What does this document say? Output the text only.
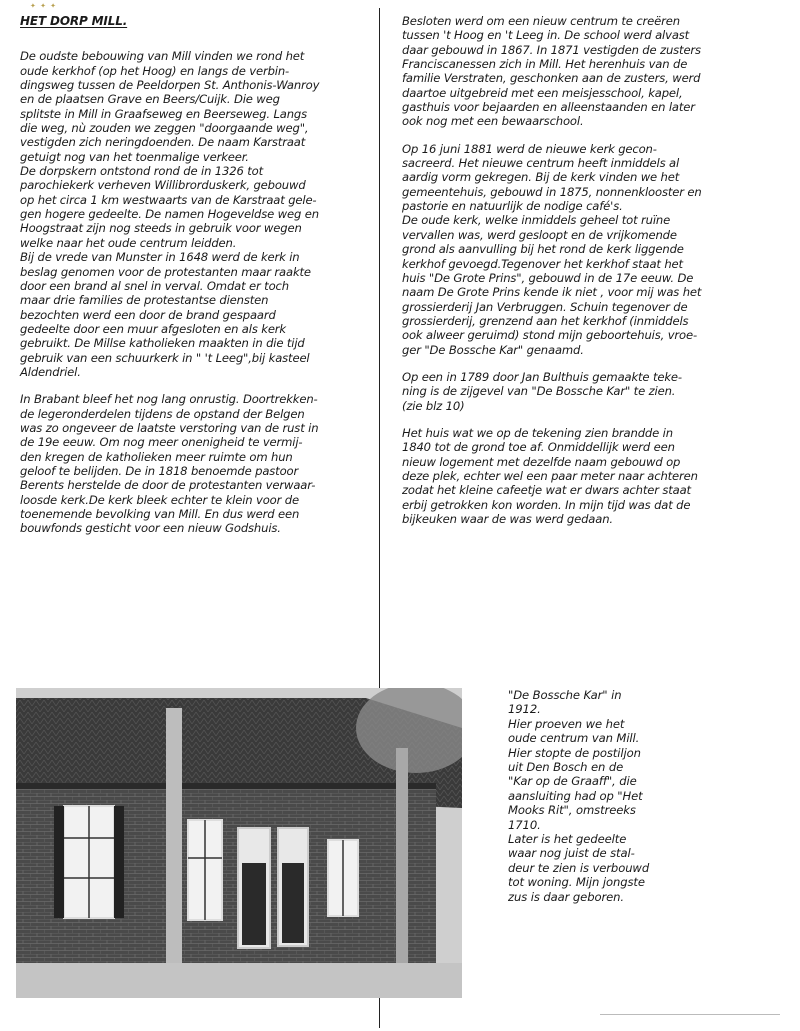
✦ ✦ ✦
HET DORP MILL.

De oudste bebouwing van Mill vinden we rond het
oude kerkhof (op het Hoog) en langs de verbin-
dingsweg tussen de Peeldorpen St. Anthonis-Wanroy
en de plaatsen Grave en Beers/Cuijk. Die weg
splitste in Mill in Graafseweg en Beerseweg. Langs
die weg, nù zouden we zeggen "doorgaande weg",
vestigden zich neringdoenden. De naam Karstraat
getuigt nog van het toenmalige verkeer.
De dorpskern ontstond rond de in 1326 tot
parochiekerk verheven Willibrorduskerk, gebouwd
op het circa 1 km westwaarts van de Karstraat gele-
gen hogere gedeelte. De namen Hogeveldse weg en
Hoogstraat zijn nog steeds in gebruik voor wegen
welke naar het oude centrum leidden.
Bij de vrede van Munster in 1648 werd de kerk in
beslag genomen voor de protestanten maar raakte
door een brand al snel in verval. Omdat er toch
maar drie families de protestantse diensten
bezochten werd een door de brand gespaard
gedeelte door een muur afgesloten en als kerk
gebruikt. De Millse katholieken maakten in die tijd
gebruik van een schuurkerk in " 't Leeg",bij kasteel
Aldendriel.

In Brabant bleef het nog lang onrustig. Doortrekken-
de legeronderdelen tijdens de opstand der Belgen
was zo ongeveer de laatste verstoring van de rust in
de 19e eeuw. Om nog meer onenigheid te vermij-
den kregen de katholieken meer ruimte om hun
geloof te belijden. De in 1818 benoemde pastoor
Berents herstelde de door de protestanten verwaar-
loosde kerk.De kerk bleek echter te klein voor de
toenemende bevolking van Mill. En dus werd een
bouwfonds gesticht voor een nieuw Godshuis.

Besloten werd om een nieuw centrum te creëren
tussen 't Hoog en 't Leeg in. De school werd alvast
daar gebouwd in 1867. In 1871 vestigden de zusters
Franciscanessen zich in Mill. Het herenhuis van de
familie Verstraten, geschonken aan de zusters, werd
daartoe uitgebreid met een meisjesschool, kapel,
gasthuis voor bejaarden en alleenstaanden en later
ook nog met een bewaarschool.

Op 16 juni 1881 werd de nieuwe kerk gecon-
sacreerd. Het nieuwe centrum heeft inmiddels al
aardig vorm gekregen. Bij de kerk vinden we het
gemeentehuis, gebouwd in 1875, nonnenklooster en
pastorie en natuurlijk de nodige café's.
De oude kerk, welke inmiddels geheel tot ruïne
vervallen was, werd gesloopt en de vrijkomende
grond als aanvulling bij het rond de kerk liggende
kerkhof gevoegd.Tegenover het kerkhof staat het
huis "De Grote Prins", gebouwd in de 17e eeuw. De
naam De Grote Prins kende ik niet , voor mij was het
grossierderij Jan Verbruggen. Schuin tegenover de
grossierderij, grenzend aan het kerkhof (inmiddels
ook alweer geruimd) stond mijn geboortehuis, vroe-
ger "De Bossche Kar" genaamd.

Op een in 1789 door Jan Bulthuis gemaakte teke-
ning is de zijgevel van "De Bossche Kar" te zien.
(zie blz 10)

Het huis wat we op de tekening zien brandde in
1840 tot de grond toe af. Onmiddellijk werd een
nieuw logement met dezelfde naam gebouwd op
deze plek, echter wel een paar meter naar achteren
zodat het kleine cafeetje wat er dwars achter staat
erbij getrokken kon worden. In mijn tijd was dat de
bijkeuken waar de was werd gedaan.

"De Bossche Kar" in
1912.
Hier proeven we het
oude centrum van Mill.
Hier stopte de postiljon
uit Den Bosch en de
"Kar op de Graaff", die
aansluiting had op "Het
Mooks Rit", omstreeks
1710.
Later is het gedeelte
waar nog juist de stal-
deur te zien is verbouwd
tot woning. Mijn jongste
zus is daar geboren.
